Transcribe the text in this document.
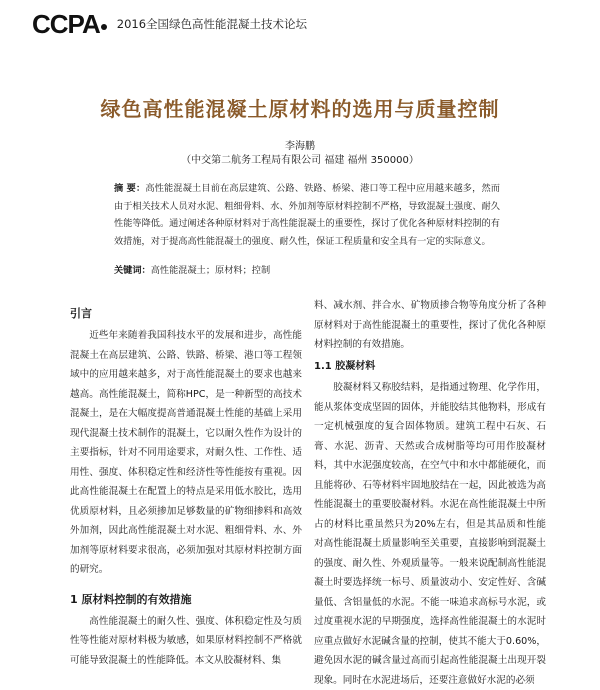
CCPA 2016全国绿色高性能混凝土技术论坛
绿色高性能混凝土原材料的选用与质量控制
李海鹏
（中交第二航务工程局有限公司 福建 福州 350000）
摘 要：高性能混凝土目前在高层建筑、公路、铁路、桥梁、港口等工程中应用越来越多，然而由于相关技术人员对水泥、粗细骨料、水、外加剂等原材料控制不严格，导致混凝土强度、耐久性能等降低。通过阐述各种原材料对于高性能混凝土的重要性，探讨了优化各种原材料控制的有效措施，对于提高高性能混凝土的强度、耐久性，保证工程质量和安全具有一定的实际意义。
关键词：高性能混凝土；原材料；控制
引言

近些年来随着我国科技水平的发展和进步，高性能混凝土在高层建筑、公路、铁路、桥梁、港口等工程领域中的应用越来越多，对于高性能混凝土的要求也越来越高。高性能混凝土，简称HPC，是一种新型的高技术混凝土，是在大幅度提高普通混凝土性能的基础上采用现代混凝土技术制作的混凝土，它以耐久性作为设计的主要指标，针对不同用途要求，对耐久性、工作性、适用性、强度、体积稳定性和经济性等性能按有重视。因此高性能混凝土在配置上的特点是采用低水胶比，选用优质原材料，且必须掺加足够数量的矿物细掺料和高效外加剂，因此高性能混凝土对水泥、粗细骨料、水、外加剂等原材料要求很高，必须加强对其原材料控制方面的研究。

1 原材料控制的有效措施

高性能混凝土的耐久性、强度、体积稳定性及匀质性等性能对原材料极为敏感，如果原材料控制不严格就可能导致混凝土的性能降低。本文从胶凝材料、集

料、减水剂、拌合水、矿物质掺合物等角度分析了各种原材料对于高性能混凝土的重要性，探讨了优化各种原材料控制的有效措施。

1.1 胶凝材料

胶凝材料又称胶结料，是指通过物理、化学作用，能从浆体变成坚固的固体，并能胶结其他物料，形成有一定机械强度的复合固体物质。建筑工程中石灰、石膏、水泥、沥青、天然或合成树脂等均可用作胶凝材料，其中水泥强度较高，在空气中和水中都能硬化，而且能将砂、石等材料牢固地胶结在一起，因此被选为高性能混凝土的重要胶凝材料。水泥在高性能混凝土中所占的材料比重虽然只为20%左右，但是其品质和性能对高性能混凝土质量影响至关重要，直接影响到混凝土的强度、耐久性、外观质量等。一般来说配制高性能混凝土时要选择统一标号、质量波动小、安定性好、含碱量低、含铝量低的水泥。不能一味追求高标号水泥，或过度重视水泥的早期强度，选择高性能混凝土的水泥时应重点做好水泥碱含量的控制，使其不能大于0.60%，避免因水泥的碱含量过高而引起高性能混凝土出现开裂现象。同时在水泥进场后，还要注意做好水泥的必须
